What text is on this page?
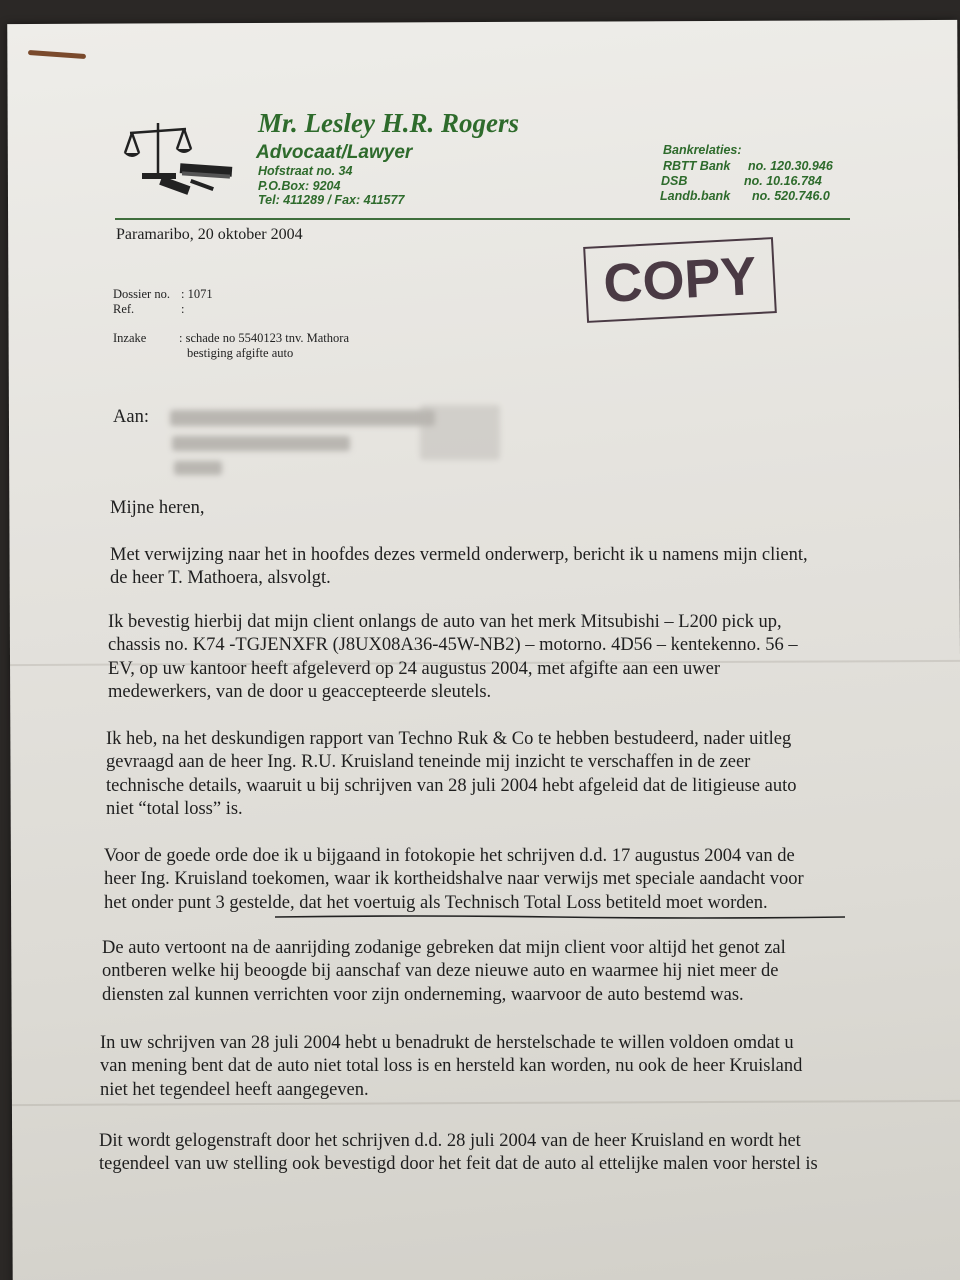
Mr. Lesley H.R. Rogers
Advocaat/Lawyer
Hofstraat no. 34
P.O.Box: 9204
Tel: 411289 / Fax: 411577
Bankrelaties:
RBTT Bank no. 120.30.946
DSB	no. 10.16.784
Landb.bank no. 520.746.0
Paramaribo, 20 oktober 2004
Dossier no. : 1071
Ref.	:
Inzake	: schade no 5540123 tnv. Mathora
bestiging afgifte auto
COPY
Aan:
Mijne heren,
Met verwijzing naar het in hoofdes dezes vermeld onderwerp, bericht ik u namens mijn client,
de heer T. Mathoera, alsvolgt.
Ik bevestig hierbij dat mijn client onlangs de auto van het merk Mitsubishi – L200 pick up,
chassis no. K74 -TGJENXFR (J8UX08A36-45W-NB2) – motorno. 4D56 – kentekenno. 56 –
EV, op uw kantoor heeft afgeleverd op 24 augustus 2004, met afgifte aan een uwer
medewerkers, van de door u geaccepteerde sleutels.
Ik heb, na het deskundigen rapport van Techno Ruk & Co te hebben bestudeerd, nader uitleg
gevraagd aan de heer Ing. R.U. Kruisland teneinde mij inzicht te verschaffen in de zeer
technische details, waaruit u bij schrijven van 28 juli 2004 hebt afgeleid dat de litigieuse auto
niet “total loss” is.
Voor de goede orde doe ik u bijgaand in fotokopie het schrijven d.d. 17 augustus 2004 van de
heer Ing. Kruisland toekomen, waar ik kortheidshalve naar verwijs met speciale aandacht voor
het onder punt 3 gestelde, dat het voertuig als Technisch Total Loss betiteld moet worden.
De auto vertoont na de aanrijding zodanige gebreken dat mijn client voor altijd het genot zal
ontberen welke hij beoogde bij aanschaf van deze nieuwe auto en waarmee hij niet meer de
diensten zal kunnen verrichten voor zijn onderneming, waarvoor de auto bestemd was.
In uw schrijven van 28 juli 2004 hebt u benadrukt de herstelschade te willen voldoen omdat u
van mening bent dat de auto niet total loss is en hersteld kan worden, nu ook de heer Kruisland
niet het tegendeel heeft aangegeven.
Dit wordt gelogenstraft door het schrijven d.d. 28 juli 2004 van de heer Kruisland en wordt het
tegendeel van uw stelling ook bevestigd door het feit dat de auto al ettelijke malen voor herstel is
